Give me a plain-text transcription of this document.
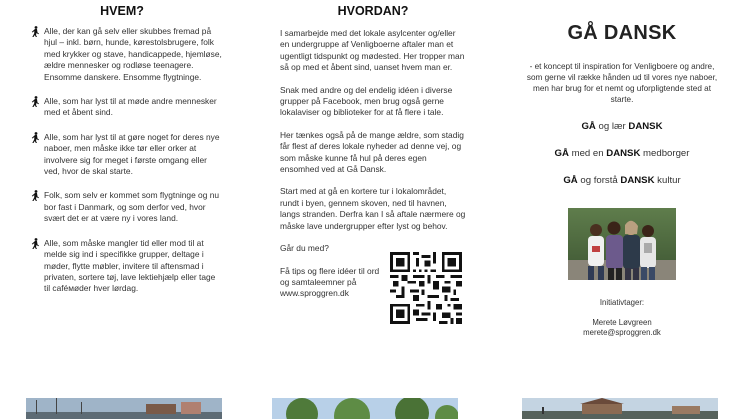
HVEM?
Alle, der kan gå selv eller skubbes fremad på hjul – inkl. børn, hunde, kørestolsbrugere, folk med krykker og stave, handicappede, hjemløse, ældre mennesker og rodløse teenagere. Ensomme danskere. Ensomme flygtninge.
Alle, som har lyst til at møde andre mennesker med et åbent sind.
Alle, som har lyst til at gøre noget for deres nye naboer, men måske ikke tør eller orker at involvere sig for meget i første omgang eller ved, hvor de skal starte.
Folk, som selv er kommet som flygtninge og nu bor fast i Danmark, og som derfor ved, hvor svært det er at være ny i vores land.
Alle, som måske mangler tid eller mod til at melde sig ind i specifikke grupper, deltage i møder, flytte møbler, invitere til aftensmad i privaten, sortere tøj, lave lektiehjælp eller tage til caféмøder hver lørdag.
HVORDAN?

I samarbejde med det lokale asylcenter og/eller en undergruppe af Venligboerne aftaler man et ugentligt tidspunkt og mødested. Her tropper man så op med et åbent sind, uanset hvem man er.

Snak med andre og del endelig idéen i diverse grupper på Facebook, men brug også gerne lokalaviser og biblioteker for at få flere i tale.

Her tænkes også på de mange ældre, som stadig får flest af deres lokale nyheder ad denne vej, og som måske kunne få hul på deres egen ensomhed ved at Gå Dansk.

Start med at gå en kortere tur i lokalområdet, rundt i byen, gennem skoven, ned til havnen, langs stranden. Derfra kan I så aftale nærmere og måske lave undergrupper efter lyst og behov.

Går du med?

Få tips og flere idéer til ord og samtaleemner på www.sproggren.dk

GÅ DANSK

- et koncept til inspiration for Venligboere og andre, som gerne vil række hånden ud til vores nye naboer, men har brug for et nemt og uforpligtende sted at starte.

GÅ og lær DANSK

GÅ med en DANSK medborger

GÅ og forstå DANSK kultur

Initiativtager:
Merete Løvgreen
merete@sproggren.dk
